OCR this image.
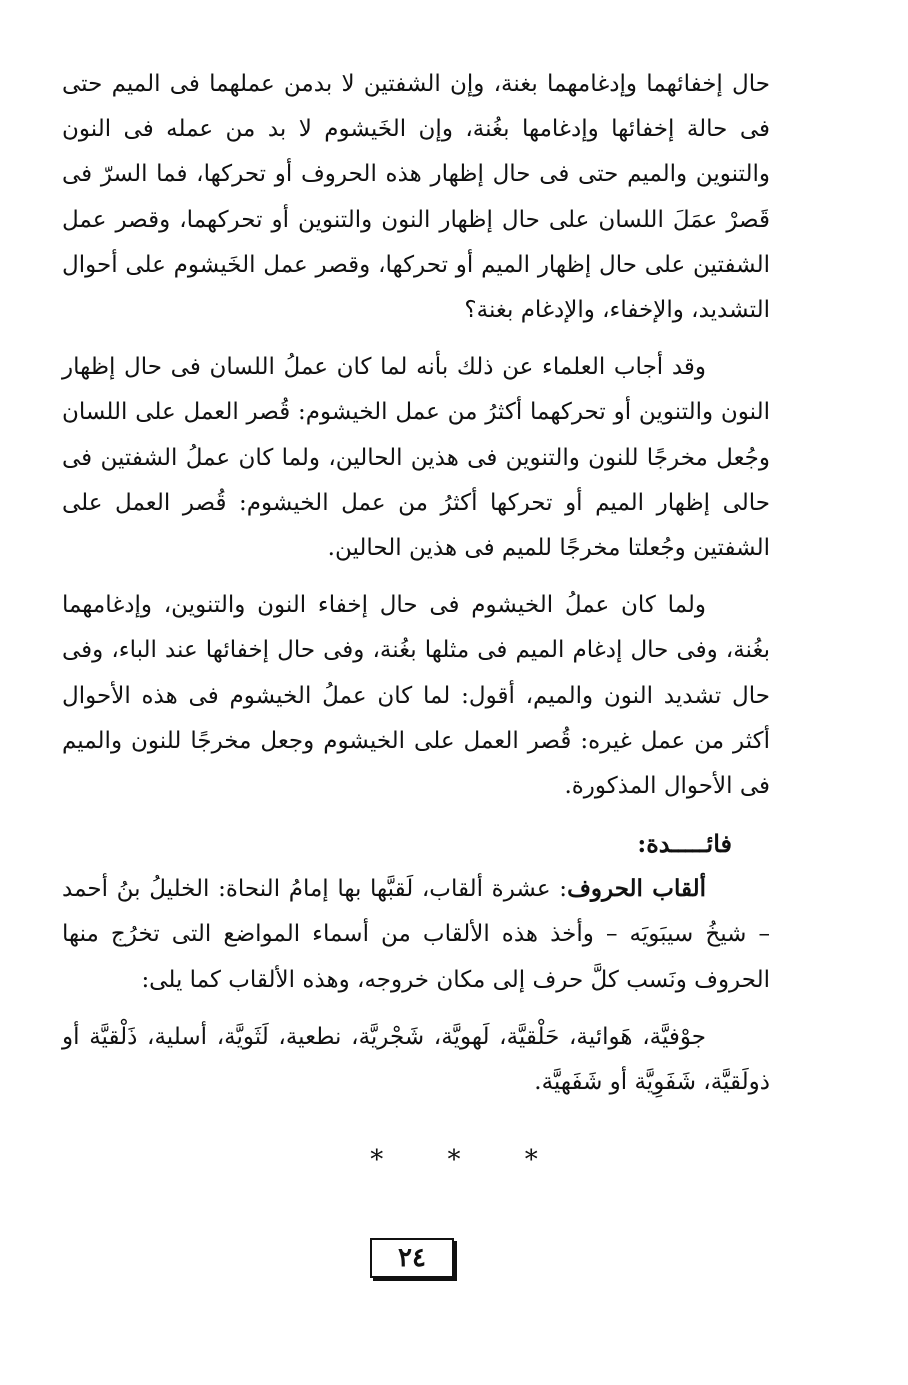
حال إخفائهما وإدغامهما بغنة، وإن الشفتين لا بدمن عملهما فى الميم حتى فى حالة إخفائها وإدغامها بغُنة، وإن الخَيشوم لا بد من عمله فى النون والتنوين والميم حتى فى حال إظهار هذه الحروف أو تحركها، فما السرّ فى قَصرْ عمَلَ اللسان على حال إظهار النون والتنوين أو تحركهما، وقصر عمل الشفتين على حال إظهار الميم أو تحركها، وقصر عمل الخَيشوم على أحوال التشديد، والإخفاء، والإدغام بغنة؟

وقد أجاب العلماء عن ذلك بأنه لما كان عملُ اللسان فى حال إظهار النون والتنوين أو تحركهما أكثرُ من عمل الخيشوم: قُصر العمل على اللسان وجُعل مخرجًا للنون والتنوين فى هذين الحالين، ولما كان عملُ الشفتين فى حالى إظهار الميم أو تحركها أكثرُ من عمل الخيشوم: قُصر العمل على الشفتين وجُعلتا مخرجًا للميم فى هذين الحالين.

ولما كان عملُ الخيشوم فى حال إخفاء النون والتنوين، وإدغامهما بغُنة، وفى حال إدغام الميم فى مثلها بغُنة، وفى حال إخفائها عند الباء، وفى حال تشديد النون والميم، أقول: لما كان عملُ الخيشوم فى هذه الأحوال أكثر من عمل غيره: قُصر العمل على الخيشوم وجعل مخرجًا للنون والميم فى الأحوال المذكورة.

فائـــــدة:

ألقاب الحروف: عشرة ألقاب، لَقبَّها بها إمامُ النحاة: الخليلُ بنُ أحمد – شيخُ سيبَويَه – وأخذ هذه الألقاب من أسماء المواضع التى تخرُج منها الحروف ونَسب كلَّ حرف إلى مكان خروجه، وهذه الألقاب كما يلى:

جوْفيَّة، هَوائية، حَلْقيَّة، لَهويَّة، شَجْريَّة، نطعية، لَثَويَّة، أسلية، ذَلْقيَّة أو ذولَقيَّة، شَفَوِيَّة أو شَفَهيَّة.

* * *
٢٤
